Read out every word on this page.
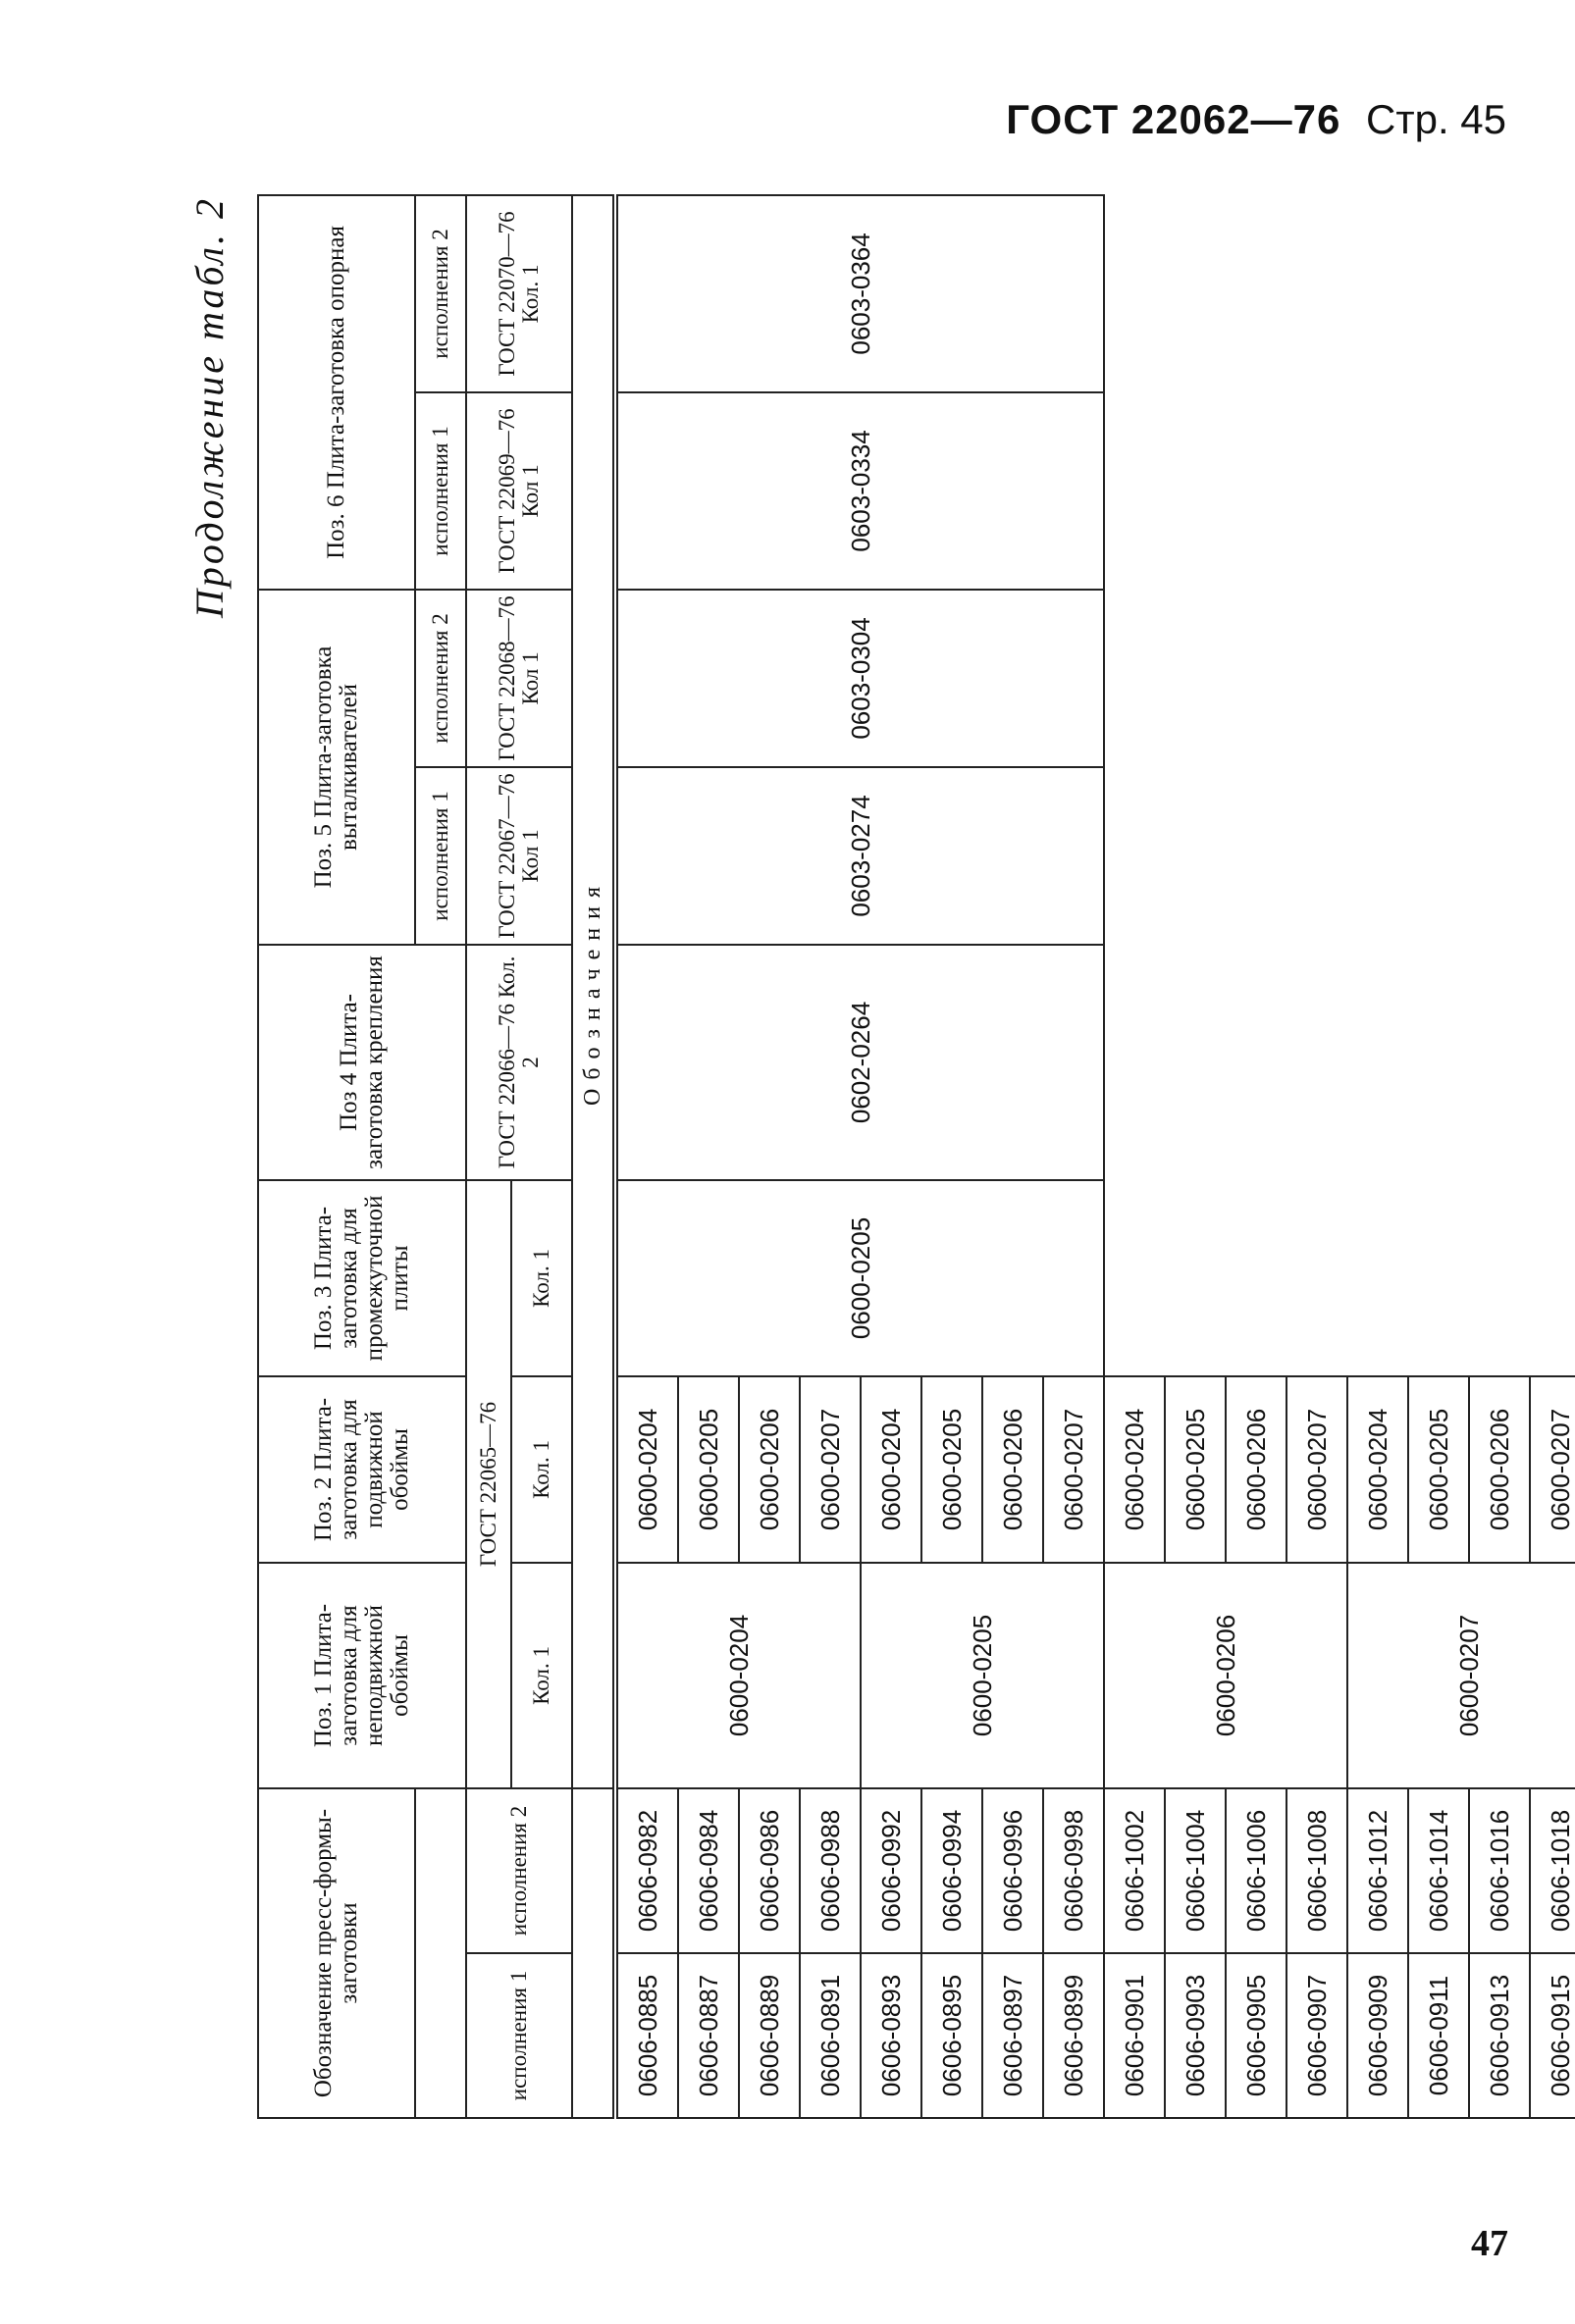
ГОСТ 22062—76 Стр. 45
Продолжение табл. 2
Обозначение пресс-формы-заготовки		Поз. 1 Плита-заготовка для неподвижной обоймы	Поз. 2 Плита-заготовка для подвижной обоймы	Поз. 3 Плита-заготовка для промежуточной плиты	Поз 4 Плита-заготовка крепления	Поз. 5 Плита-заготовка выталкивателей		Поз. 6 Плита-заготовка опорная	
						исполнения 1	исполнения 2	исполнения 1	исполнения 2
исполнения 1	исполнения 2	ГОСТ 22065—76			ГОСТ 22066—76 Кол. 2	ГОСТ 22067—76 Кол 1	ГОСТ 22068—76 Кол 1	ГОСТ 22069—76 Кол 1	ГОСТ 22070—76 Кол. 1
		Кол. 1	Кол. 1	Кол. 1					
		Обозначения							
0606-0885	0606-0982	0600-0204	0600-0204	0600-0205	0602-0264	0603-0274	0603-0304	0603-0334	0603-0364
0606-0887	0606-0984		0600-0205						
0606-0889	0606-0986		0600-0206						
0606-0891	0606-0988		0600-0207						
0606-0893	0606-0992	0600-0205	0600-0204						
0606-0895	0606-0994		0600-0205						
0606-0897	0606-0996		0600-0206						
0606-0899	0606-0998		0600-0207						
0606-0901	0606-1002	0600-0206	0600-0204						
0606-0903	0606-1004		0600-0205						
0606-0905	0606-1006		0600-0206						
0606-0907	0606-1008		0600-0207						
0606-0909	0606-1012	0600-0207	0600-0204						
0606-0911	0606-1014		0600-0205						
0606-0913	0606-1016		0600-0206						
0606-0915	0606-1018		0600-0207						
47
